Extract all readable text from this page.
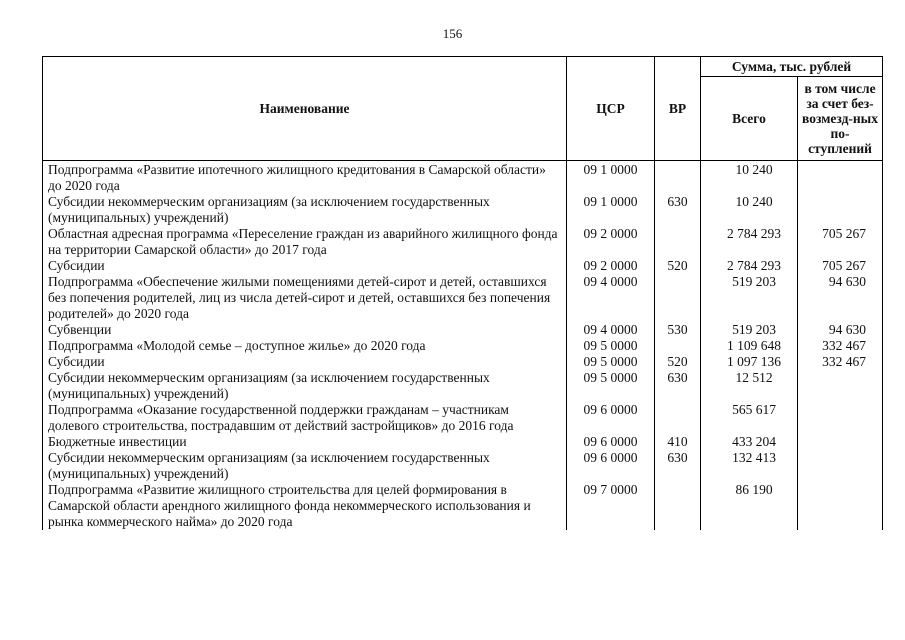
156
Наименование	ЦСР	ВР	Сумма, тыс. рублей	
			Всего	в том числе за счет без-возмезд-ных по-ступлений
Подпрограмма «Развитие ипотечного жилищного кредитования в Самарской области» до 2020 года	09 1 0000		10 240	
Субсидии некоммерческим организациям (за исключением государственных (муниципальных) учреждений)	09 1 0000	630	10 240	
Областная адресная программа «Переселение граждан из аварийного жилищного фонда на территории Самарской области» до 2017 года	09 2 0000		2 784 293	705 267
Субсидии	09 2 0000	520	2 784 293	705 267
Подпрограмма «Обеспечение жилыми помещениями детей-сирот и детей, оставшихся без попечения родителей, лиц из числа детей-сирот и детей, оставшихся без попечения родителей» до 2020 года	09 4 0000		519 203	94 630
Субвенции	09 4 0000	530	519 203	94 630
Подпрограмма «Молодой семье – доступное жилье» до 2020 года	09 5 0000		1 109 648	332 467
Субсидии	09 5 0000	520	1 097 136	332 467
Субсидии некоммерческим организациям (за исключением государственных (муниципальных) учреждений)	09 5 0000	630	12 512	
Подпрограмма «Оказание государственной поддержки гражданам – участникам долевого строительства, пострадавшим от действий застройщиков» до 2016 года	09 6 0000		565 617	
Бюджетные инвестиции	09 6 0000	410	433 204	
Субсидии некоммерческим организациям (за исключением государственных (муниципальных) учреждений)	09 6 0000	630	132 413	
Подпрограмма «Развитие жилищного строительства для целей формирования в Самарской области арендного жилищного фонда некоммерческого использования и рынка коммерческого найма» до 2020 года	09 7 0000		86 190	
